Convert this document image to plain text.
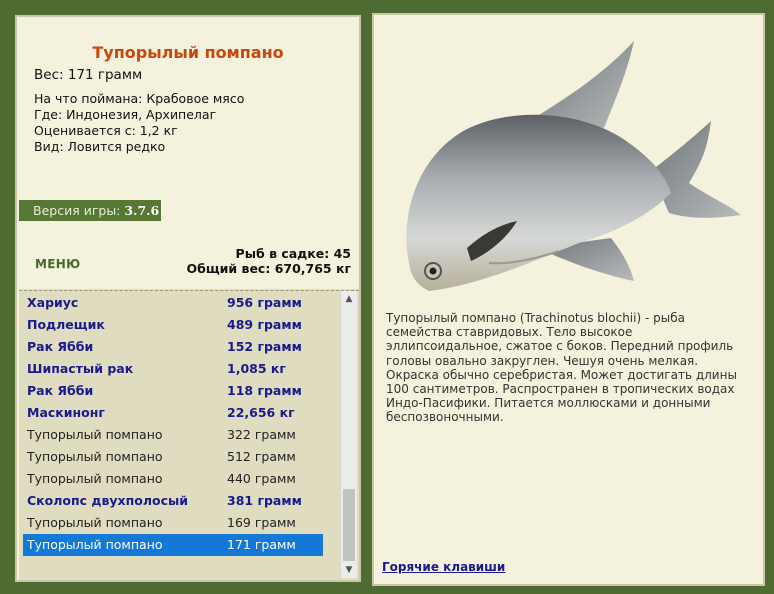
Тупорылый помпано
Вес: 171 грамм
На что поймана: Крабовое мясо
Где: Индонезия, Архипелаг
Оценивается с: 1,2 кг
Вид: Ловится редко
Версия игры: 3.7.6
МЕНЮ
Рыб в садке: 45
Общий вес: 670,765 кг
Хариус	956 грамм
Подлещик	489 грамм
Рак Ябби	152 грамм
Шипастый рак	1,085 кг
Рак Ябби	118 грамм
Маскинонг	22,656 кг
Тупорылый помпано	322 грамм
Тупорылый помпано	512 грамм
Тупорылый помпано	440 грамм
Сколопс двухполосый	381 грамм
Тупорылый помпано	169 грамм
Тупорылый помпано	171 грамм
▲
▼
Тупорылый помпано (Trachinotus blochii) - рыба семейства ставридовых. Тело высокое эллипсоидальное, сжатое с боков. Передний профиль головы овально закруглен. Чешуя очень мелкая. Окраска обычно серебристая. Может достигать длины 100 сантиметров. Распространен в тропических водах Индо-Пасифики. Питается моллюсками и донными беспозвоночными.
Горячие клавиши
